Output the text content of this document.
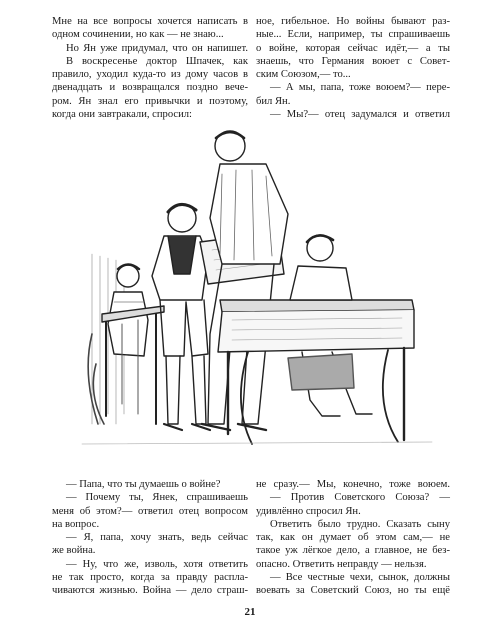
Мне на все вопросы хочется написать в
одном сочинении, но как — не знаю...
Но Ян уже придумал, что он напишет.
В воскресенье доктор Шпачек, как
правило, уходил куда-то из дому часов в
двенадцать и возвращался поздно вече-
ром. Ян знал его привычки и поэтому,
когда они завтракали, спросил:
ное, гибельное. Но войны бывают раз-
ные... Если, например, ты спрашиваешь
о войне, которая сейчас идёт,— а ты
знаешь, что Германия воюет с Совет-
ским Союзом,— то...
— А мы, папа, тоже воюем?— пере-
бил Ян.
— Мы?— отец задумался и ответил
— Папа, что ты думаешь о войне?
— Почему ты, Янек, спрашиваешь
меня об этом?— ответил отец вопросом
на вопрос.
— Я, папа, хочу знать, ведь сейчас
же война.
— Ну, что же, изволь, хотя ответить
не так просто, когда за правду распла-
чиваются жизнью. Война — дело страш-
не сразу.— Мы, конечно, тоже воюем.
— Против Советского Союза? —
удивлённо спросил Ян.
Ответить было трудно. Сказать сыну
так, как он думает об этом сам,— не
такое уж лёгкое дело, а главное, не без-
опасно. Ответить неправду — нельзя.
— Все честные чехи, сынок, должны
воевать за Советский Союз, но ты ещё
21
